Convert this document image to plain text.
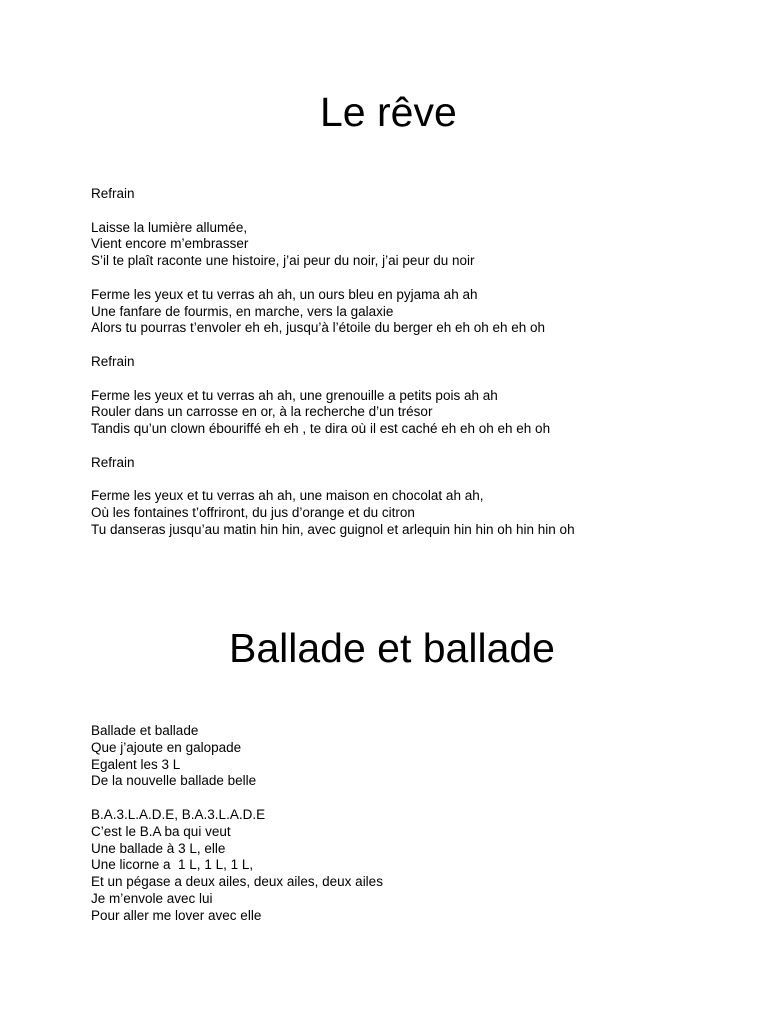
Le rêve

Refrain

Laisse la lumière allumée,
Vient encore m’embrasser
S’il te plaît raconte une histoire, j’ai peur du noir, j’ai peur du noir

Ferme les yeux et tu verras ah ah, un ours bleu en pyjama ah ah
Une fanfare de fourmis, en marche, vers la galaxie
Alors tu pourras t’envoler eh eh, jusqu’à l’étoile du berger eh eh oh eh eh oh

Refrain

Ferme les yeux et tu verras ah ah, une grenouille a petits pois ah ah
Rouler dans un carrosse en or, à la recherche d’un trésor
Tandis qu’un clown ébouriffé eh eh , te dira où il est caché eh eh oh eh eh oh

Refrain

Ferme les yeux et tu verras ah ah, une maison en chocolat ah ah,
Où les fontaines t’offriront, du jus d’orange et du citron
Tu danseras jusqu’au matin hin hin, avec guignol et arlequin hin hin oh hin hin oh

Ballade et ballade

Ballade et ballade
Que j’ajoute en galopade
Egalent les 3 L
De la nouvelle ballade belle

B.A.3.L.A.D.E, B.A.3.L.A.D.E
C’est le B.A ba qui veut
Une ballade à 3 L, elle
Une licorne a  1 L, 1 L, 1 L,
Et un pégase a deux ailes, deux ailes, deux ailes
Je m’envole avec lui
Pour aller me lover avec elle
